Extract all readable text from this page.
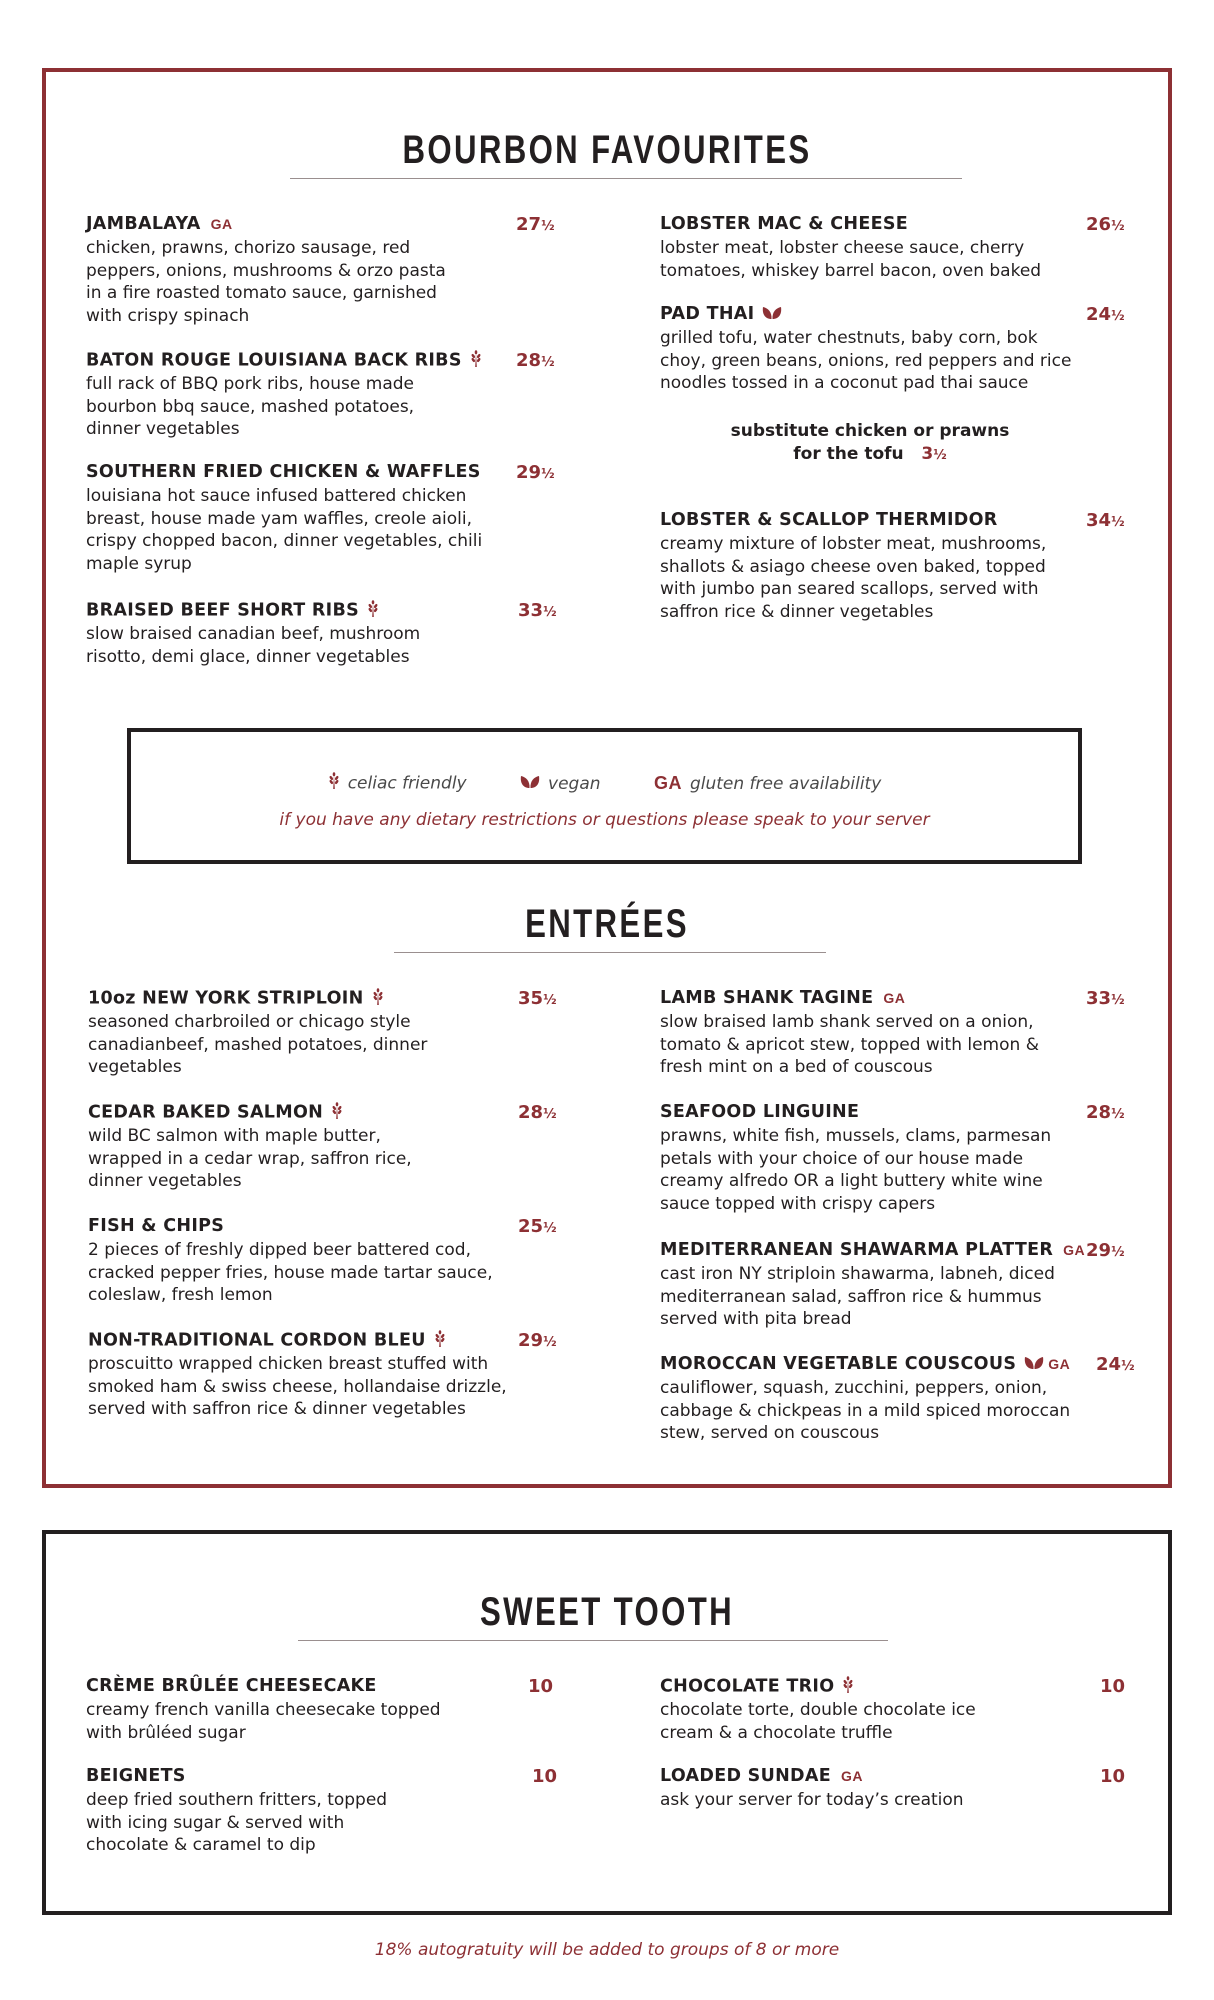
BOURBON FAVOURITES
JAMBALAYA GA	27½
chicken, prawns, chorizo sausage, red peppers, onions, mushrooms & orzo pasta in a fire roasted tomato sauce, garnished with crispy spinach
BATON ROUGE LOUISIANA BACK RIBS	28½
full rack of BBQ pork ribs, house made bourbon bbq sauce, mashed potatoes, dinner vegetables
SOUTHERN FRIED CHICKEN & WAFFLES 29½
louisiana hot sauce infused battered chicken breast, house made yam waffles, creole aioli, crispy chopped bacon, dinner vegetables, chili maple syrup
BRAISED BEEF SHORT RIBS	33½
slow braised canadian beef, mushroom risotto, demi glace, dinner vegetables
LOBSTER MAC & CHEESE	26½
lobster meat, lobster cheese sauce, cherry tomatoes, whiskey barrel bacon, oven baked
PAD THAI	24½
grilled tofu, water chestnuts, baby corn, bok choy, green beans, onions, red peppers and rice noodles tossed in a coconut pad thai sauce
substitute chicken or prawns
for the tofu 3½
LOBSTER & SCALLOP THERMIDOR	34½
creamy mixture of lobster meat, mushrooms, shallots & asiago cheese oven baked, topped with jumbo pan seared scallops, served with saffron rice & dinner vegetables
celiac friendly	vegan	GA gluten free availability
if you have any dietary restrictions or questions please speak to your server
ENTRÉES
10oz NEW YORK STRIPLOIN	35½
seasoned charbroiled or chicago style canadianbeef, mashed potatoes, dinner vegetables
CEDAR BAKED SALMON	28½
wild BC salmon with maple butter, wrapped in a cedar wrap, saffron rice, dinner vegetables
FISH & CHIPS	25½
2 pieces of freshly dipped beer battered cod, cracked pepper fries, house made tartar sauce, coleslaw, fresh lemon
NON-TRADITIONAL CORDON BLEU	29½
proscuitto wrapped chicken breast stuffed with smoked ham & swiss cheese, hollandaise drizzle, served with saffron rice & dinner vegetables
LAMB SHANK TAGINE GA	33½
slow braised lamb shank served on a onion, tomato & apricot stew, topped with lemon & fresh mint on a bed of couscous
SEAFOOD LINGUINE	28½
prawns, white fish, mussels, clams, parmesan petals with your choice of our house made creamy alfredo OR a light buttery white wine sauce topped with crispy capers
MEDITERRANEAN SHAWARMA PLATTER GA 29½
cast iron NY striploin shawarma, labneh, diced mediterranean salad, saffron rice & hummus served with pita bread
MOROCCAN VEGETABLE COUSCOUS GA 24½
cauliflower, squash, zucchini, peppers, onion, cabbage & chickpeas in a mild spiced moroccan stew, served on couscous
SWEET TOOTH
CRÈME BRÛLÉE CHEESECAKE	10
creamy french vanilla cheesecake topped with brûléed sugar
BEIGNETS	10
deep fried southern fritters, topped with icing sugar & served with chocolate & caramel to dip
CHOCOLATE TRIO	10
chocolate torte, double chocolate ice cream & a chocolate truffle
LOADED SUNDAE GA	10
ask your server for today’s creation
18% autogratuity will be added to groups of 8 or more
